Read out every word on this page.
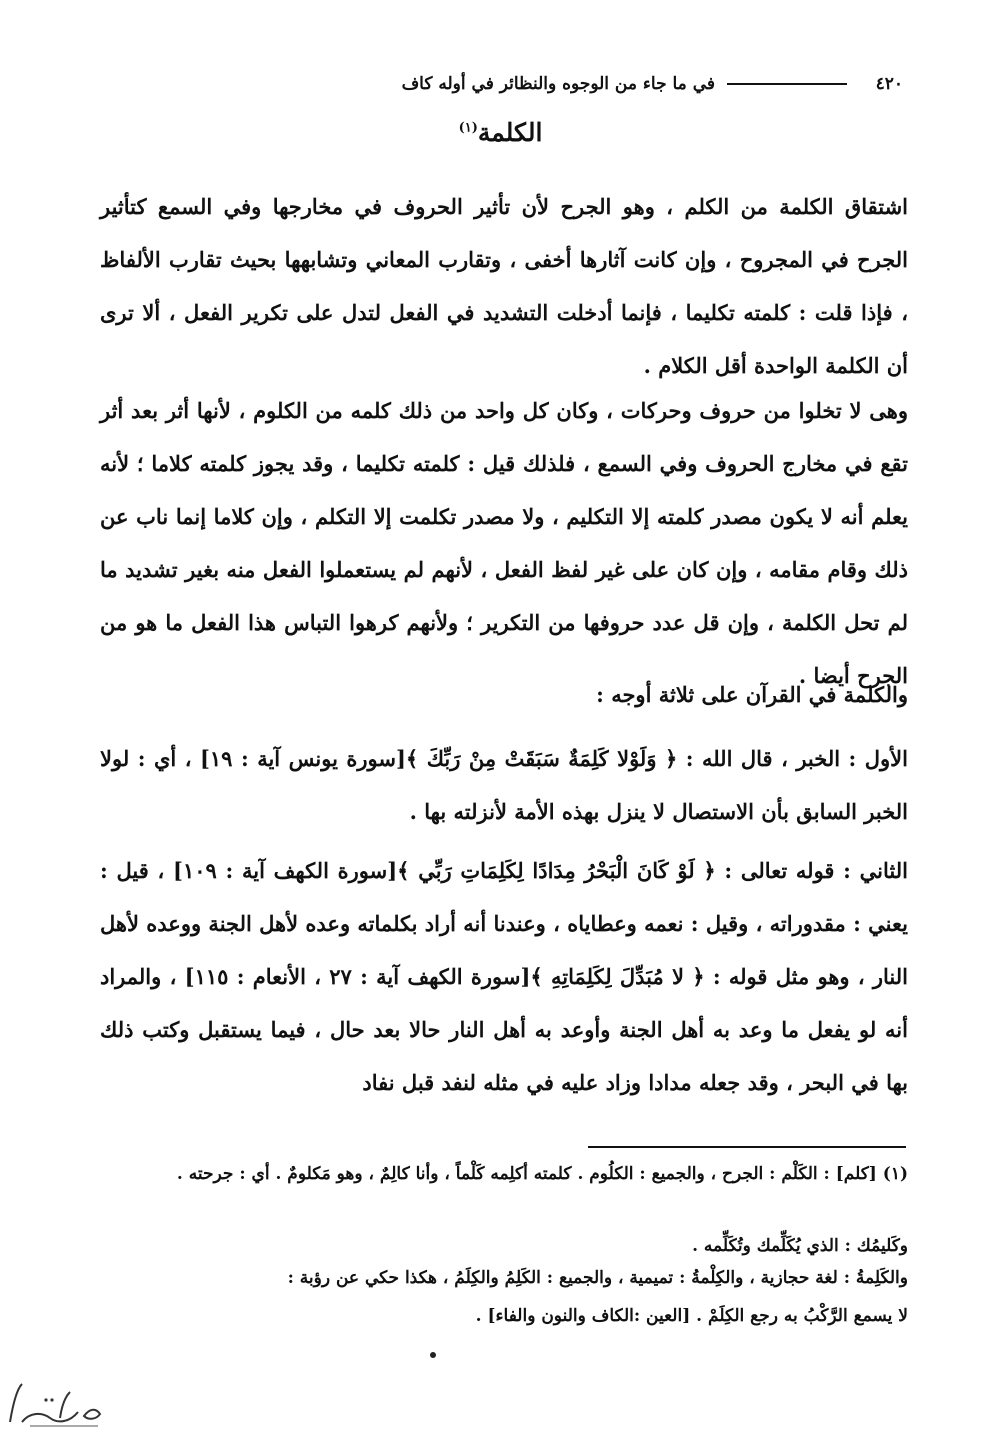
٤٢٠
في ما جاء من الوجوه والنظائر في أوله كاف
الكلمة$^{(١)}$

اشتقاق الكلمة من الكلم ، وهو الجرح لأن تأثير الحروف في مخارجها وفي السمع كتأثير الجرح في المجروح ، وإن كانت آثارها أخفى ، وتقارب المعاني وتشابهها بحيث تقارب الألفاظ ، فإذا قلت : كلمته تكليما ، فإنما أدخلت التشديد في الفعل لتدل على تكرير الفعل ، ألا ترى أن الكلمة الواحدة أقل الكلام .

وهى لا تخلوا من حروف وحركات ، وكان كل واحد من ذلك كلمه من الكلوم ، لأنها أثر بعد أثر تقع في مخارج الحروف وفي السمع ، فلذلك قيل : كلمته تكليما ، وقد يجوز كلمته كلاما ؛ لأنه يعلم أنه لا يكون مصدر كلمته إلا التكليم ، ولا مصدر تكلمت إلا التكلم ، وإن كلاما إنما ناب عن ذلك وقام مقامه ، وإن كان على غير لفظ الفعل ، لأنهم لم يستعملوا الفعل منه بغير تشديد ما لم تحل الكلمة ، وإن قل عدد حروفها من التكرير ؛ ولأنهم كرهوا التباس هذا الفعل ما هو من الجرح أيضا .

والكلمة في القرآن على ثلاثة أوجه :

الأول : الخبر ، قال الله : ﴿ وَلَوْلا كَلِمَةٌ سَبَقَتْ مِنْ رَبِّكَ ﴾[سورة يونس آية : ١٩] ، أي : لولا الخبر السابق بأن الاستصال لا ينزل بهذه الأمة لأنزلته بها .

الثاني : قوله تعالى : ﴿ لَوْ كَانَ الْبَحْرُ مِدَادًا لِكَلِمَاتِ رَبِّي ﴾[سورة الكهف آية : ١٠٩] ، قيل : يعني : مقدوراته ، وقيل : نعمه وعطاياه ، وعندنا أنه أراد بكلماته وعده لأهل الجنة ووعده لأهل النار ، وهو مثل قوله : ﴿ لا مُبَدِّلَ لِكَلِمَاتِهِ ﴾[سورة الكهف آية : ٢٧ ، الأنعام : ١١٥] ، والمراد أنه لو يفعل ما وعد به أهل الجنة وأوعد به أهل النار حالا بعد حال ، فيما يستقبل وكتب ذلك بها في البحر ، وقد جعله مدادا وزاد عليه في مثله لنفد قبل نفاد

(١) [كلم] : الكَلْم : الجرح ، والجميع : الكلُوم . كلمته أكلِمه كَلْماً ، وأنا كالِمٌ ، وهو مَكلومٌ . أي : جرحته .

وكَليمُك : الذي يُكَلِّمك وتُكَلِّمه .

والكَلِمةُ : لغة حجازية ، والكِلْمةُ : تميمية ، والجميع : الكَلِمُ والكِلَمُ ، هكذا حكي عن رؤبة :

لا يسمع الرَّكْبُ به رجع الكِلَمْ . [العين :الكاف والنون والفاء] .
